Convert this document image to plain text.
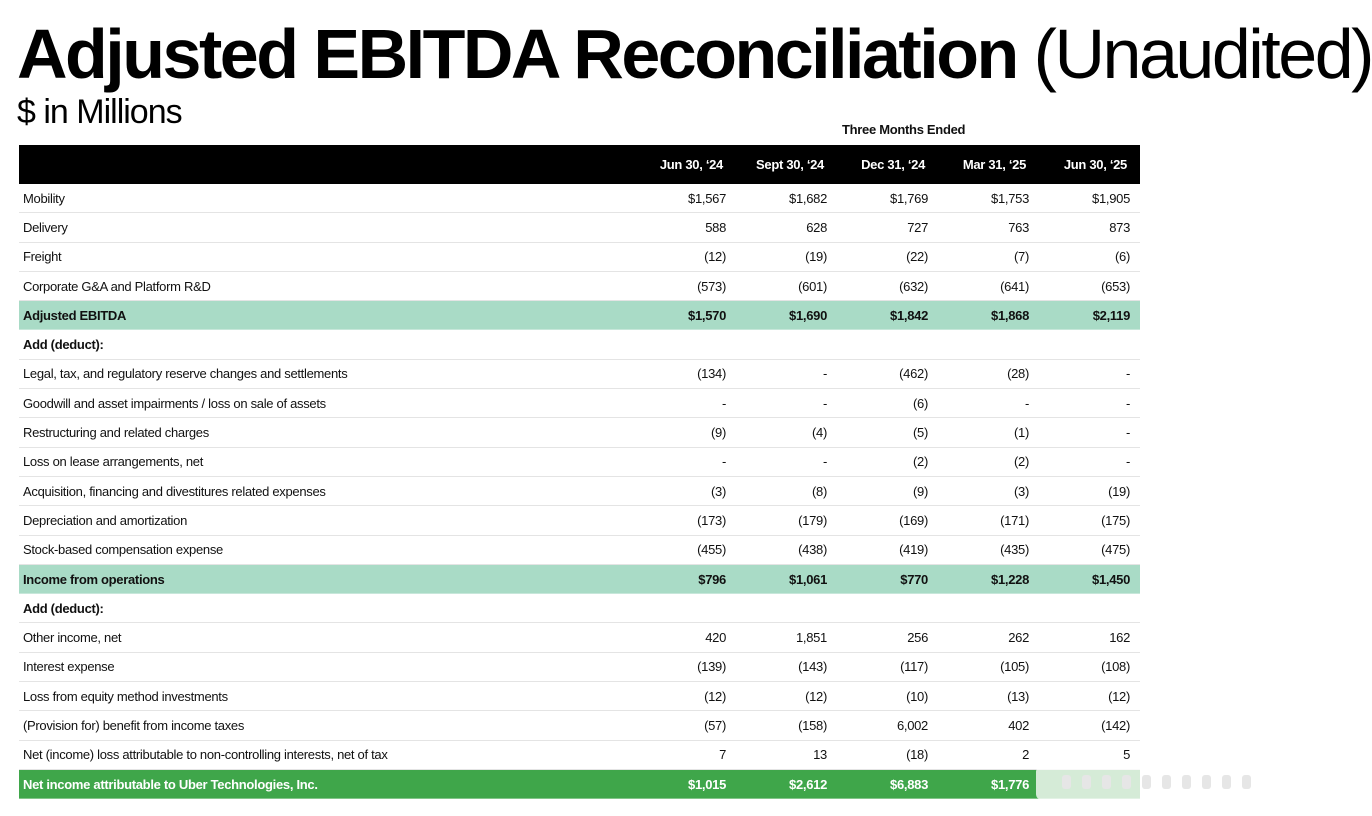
Adjusted EBITDA Reconciliation (Unaudited)
$ in Millions	Three Months Ended
Jun 30, ‘24	Sept 30, ‘24	Dec 31, ‘24	Mar 31, ‘25	Jun 30, ‘25
Mobility	$1,567	$1,682	$1,769	$1,753	$1,905
Delivery	588	628	727	763	873
Freight	(12)	(19)	(22)	(7)	(6)
Corporate G&A and Platform R&D	(573)	(601)	(632)	(641)	(653)
Adjusted EBITDA	$1,570	$1,690	$1,842	$1,868	$2,119
Add (deduct):
Legal, tax, and regulatory reserve changes and settlements	(134)	-	(462)	(28)	-
Goodwill and asset impairments / loss on sale of assets	-	-	(6)	-	-
Restructuring and related charges	(9)	(4)	(5)	(1)	-
Loss on lease arrangements, net	-	-	(2)	(2)	-
Acquisition, financing and divestitures related expenses	(3)	(8)	(9)	(3)	(19)
Depreciation and amortization	(173)	(179)	(169)	(171)	(175)
Stock-based compensation expense	(455)	(438)	(419)	(435)	(475)
Income from operations	$796	$1,061	$770	$1,228	$1,450
Add (deduct):
Other income, net	420	1,851	256	262	162
Interest expense	(139)	(143)	(117)	(105)	(108)
Loss from equity method investments	(12)	(12)	(10)	(13)	(12)
(Provision for) benefit from income taxes	(57)	(158)	6,002	402	(142)
Net (income) loss attributable to non-controlling interests, net of tax	7	13	(18)	2	5
Net income attributable to Uber Technologies, Inc.	$1,015	$2,612	$6,883	$1,776
